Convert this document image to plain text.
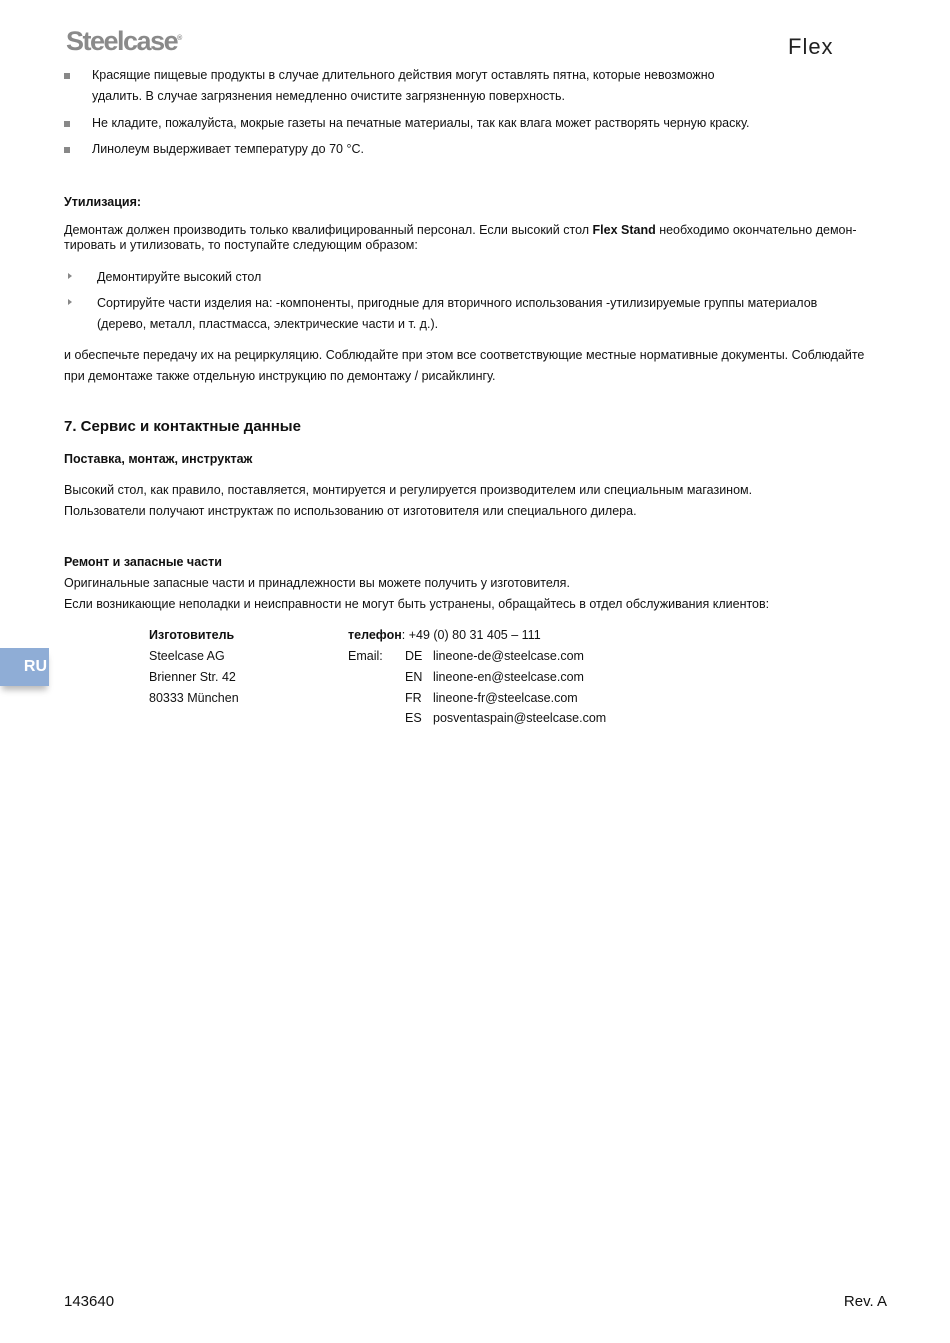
Steelcase®	Flex
Красящие пищевые продукты в случае длительного действия могут оставлять пятна, которые невозможно
удалить. В случае загрязнения немедленно очистите загрязненную поверхность.
Не кладите, пожалуйста, мокрые газеты на печатные материалы, так как влага может растворять черную краску.
Линолеум выдерживает температуру до 70 °C.
Утилизация:
Демонтаж должен производить только квалифицированный персонал. Если высокий стол Flex Stand необходимо окончательно демон-
тировать и утилизовать, то поступайте следующим образом:
Демонтируйте высокий стол
Сортируйте части изделия на: -компоненты, пригодные для вторичного использования -утилизируемые группы материалов
(дерево, металл, пластмасса, электрические части и т. д.).
и обеспечьте передачу их на рециркуляцию. Соблюдайте при этом все соответствующие местные нормативные документы. Соблюдайте
при демонтаже также отдельную инструкцию по демонтажу / рисайклингу.
7. Сервис и контактные данные
Поставка, монтаж, инструктаж
Высокий стол, как правило, поставляется, монтируется и регулируется производителем или специальным магазином.
Пользователи получают инструктаж по использованию от изготовителя или специального дилера.
Ремонт и запасные части
Оригинальные запасные части и принадлежности вы можете получить у изготовителя.
Если возникающие неполадки и неисправности не могут быть устранены, обращайтесь в отдел обслуживания клиентов:
RU
Изготовитель
Steelcase AG
Brienner Str. 42
80333 München
телефон: +49 (0) 80 31 405 – 111
Email: DE lineone-de@steelcase.com
EN lineone-en@steelcase.com
FR lineone-fr@steelcase.com
ES posventaspain@steelcase.com
143640	Rev. A
